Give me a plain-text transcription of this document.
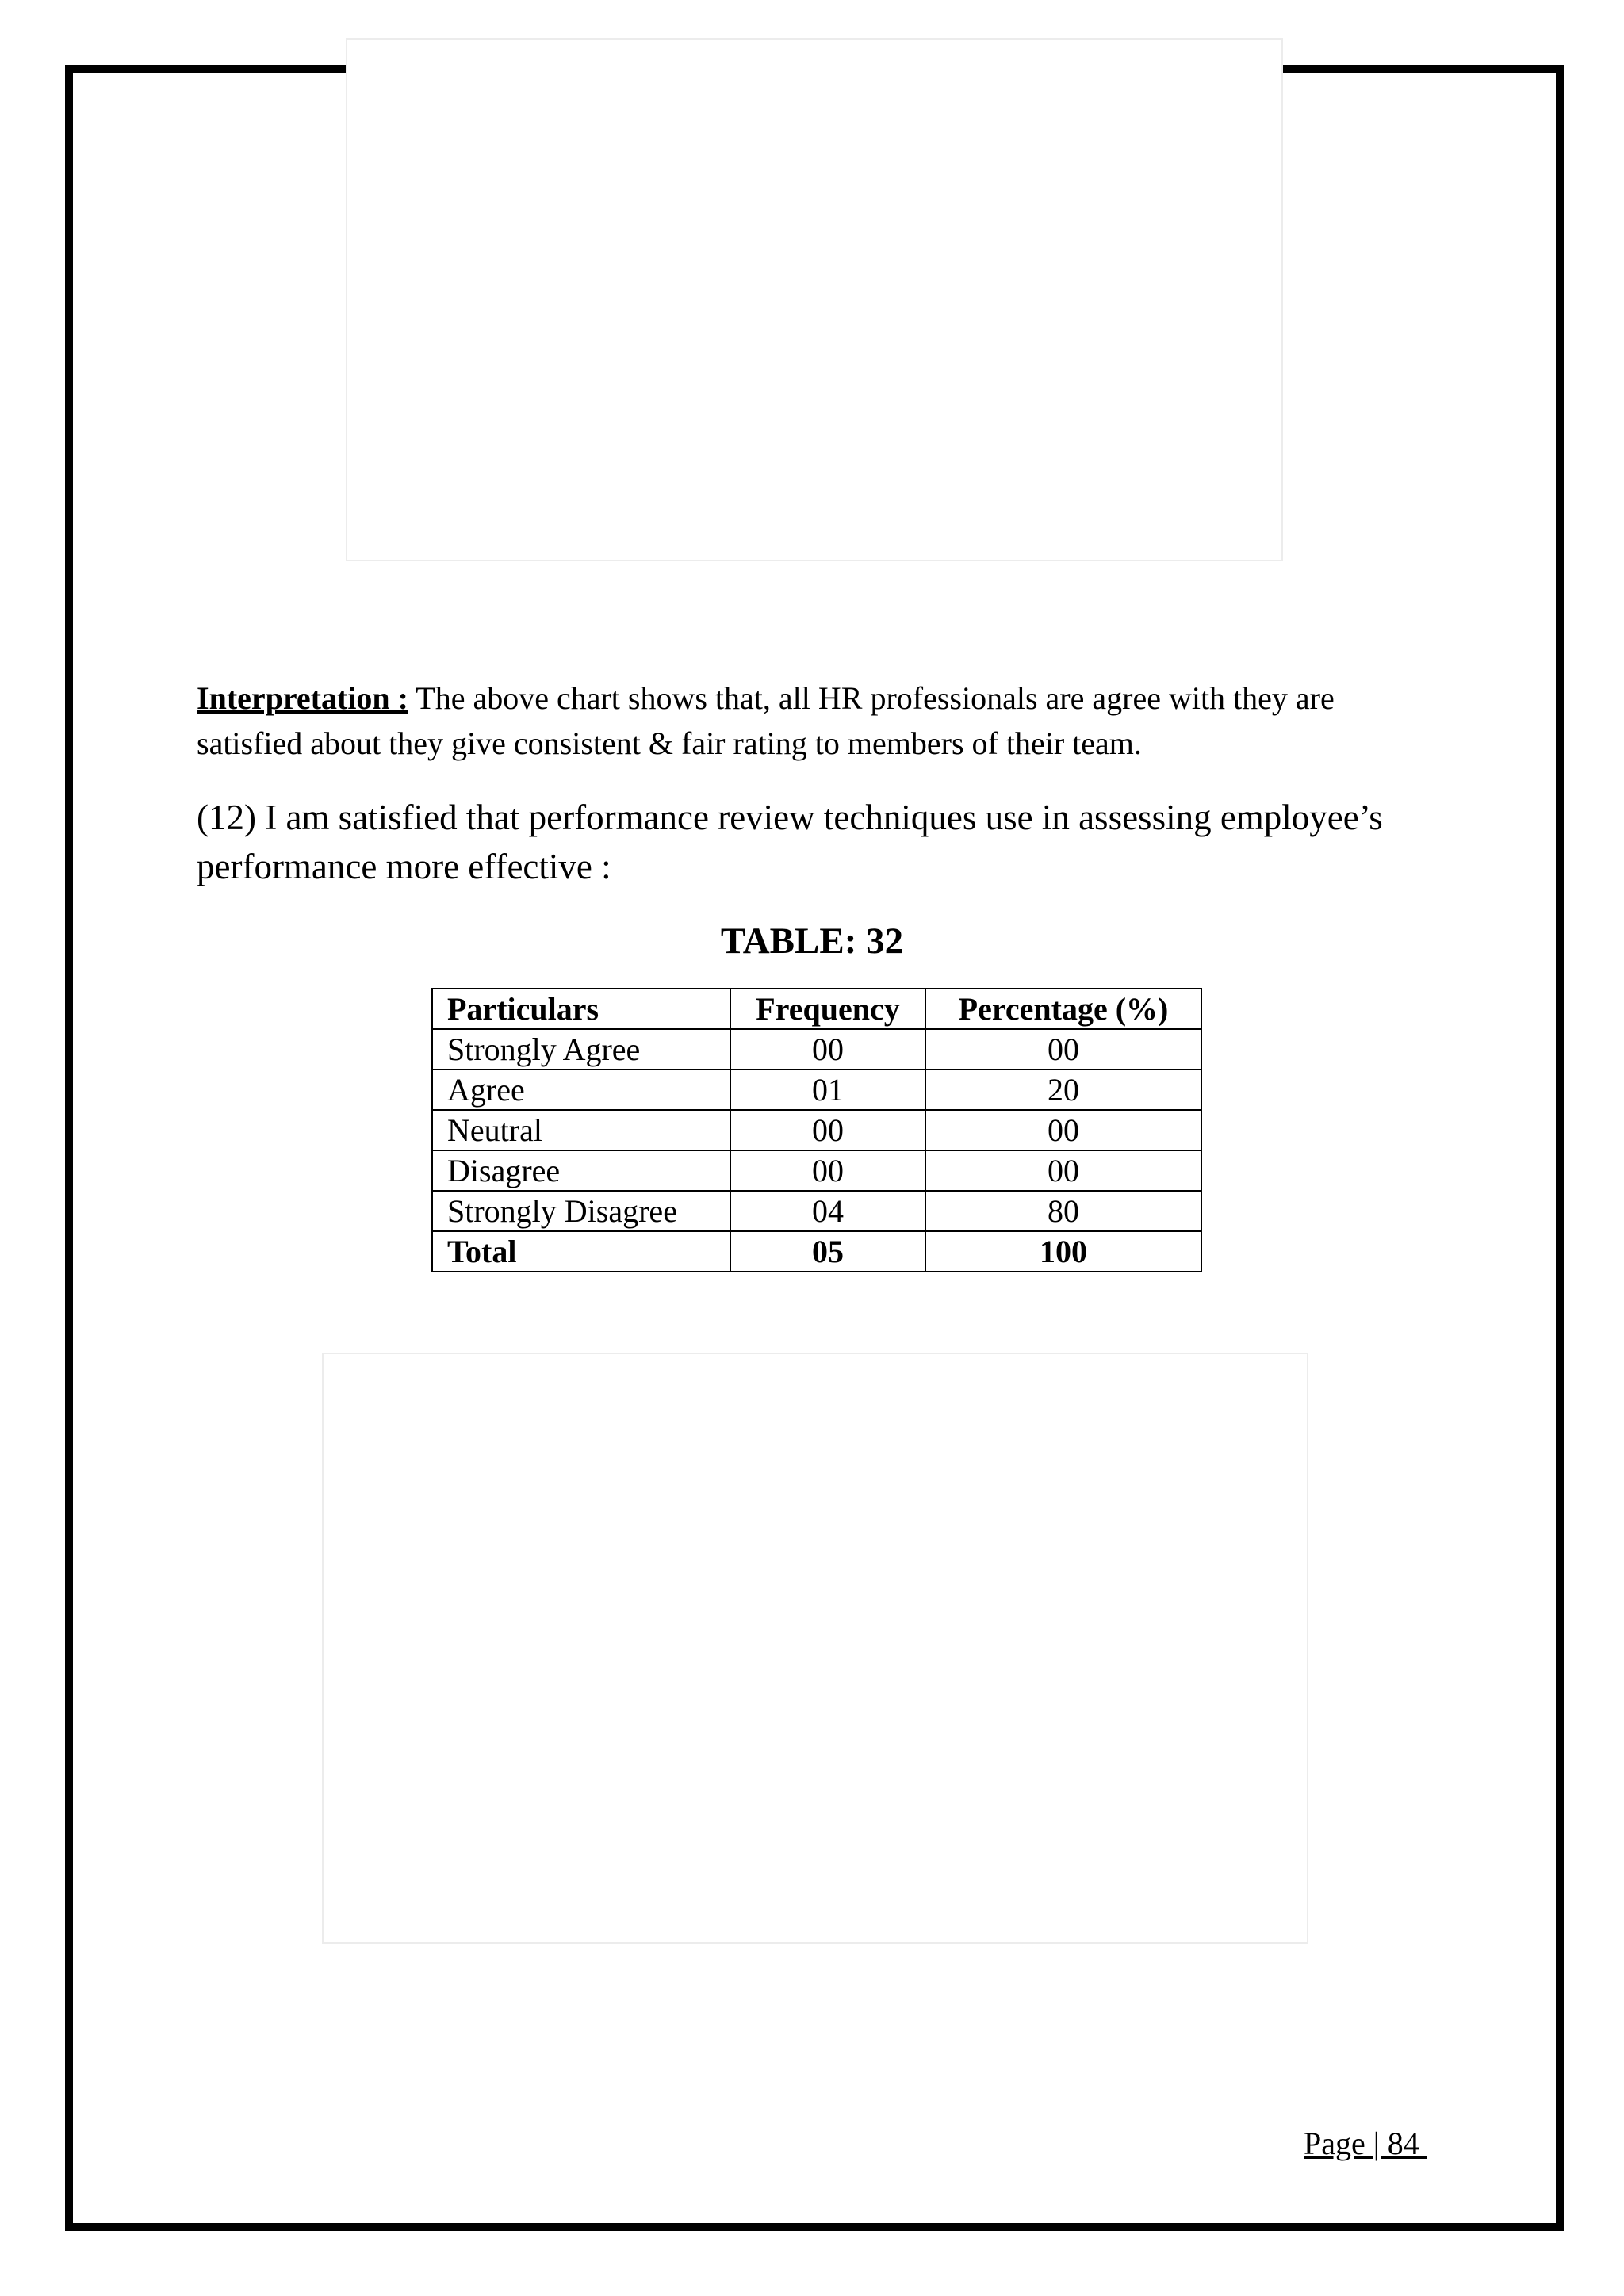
Interpretation : The above chart shows that, all HR professionals are agree with they are satisfied about they give consistent & fair rating to members of their team.
(12) I am satisfied that performance review techniques use in assessing employee’s performance more effective :
TABLE: 32
Particulars	Frequency	Percentage (%)
Strongly Agree	00	00
Agree	01	20
Neutral	00	00
Disagree	00	00
Strongly Disagree	04	80
Total	05	100
Page | 84
